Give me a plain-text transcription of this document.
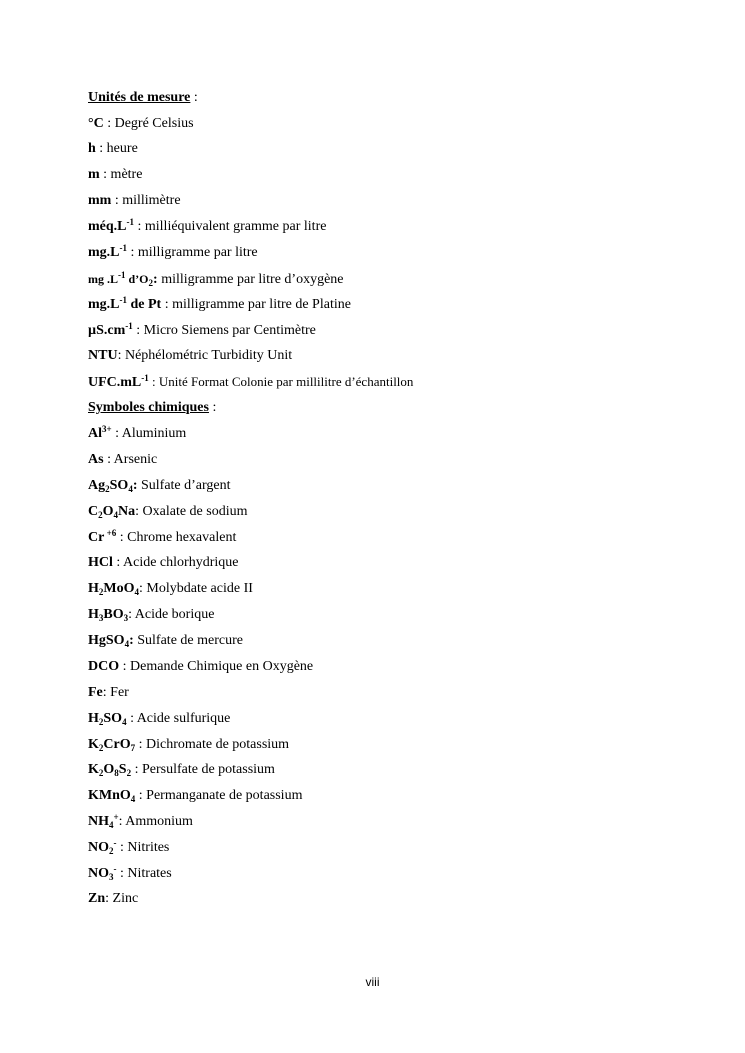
Unités de mesure :
°C : Degré Celsius
h : heure
m : mètre
mm : millimètre
$méq.L^{-1}$ : milliéquivalent gramme par litre
$mg.L^{-1}$ : milligramme par litre
mg $.L^{-1}$ $d’O_2$: milligramme par litre d’oxygène
$mg.L^{-1}$ de Pt : milligramme par litre de Platine
$\mu S.cm^{-1}$ : Micro Siemens par Centimètre
NTU: Néphélométric Turbidity Unit
$UFC.mL^{-1}$ : Unité Format Colonie par millilitre d’échantillon
Symboles chimiques :
$Al^{3+}$ : Aluminium
As : Arsenic
$Ag_2SO_4$: Sulfate d’argent
$C_2O_4Na$: Oxalate de sodium
Cr $^{+6}$ : Chrome hexavalent
HCl : Acide chlorhydrique
$H_2MoO_4$: Molybdate acide II
$H_3BO_3$: Acide borique
HgSO$_4$: Sulfate de mercure
DCO : Demande Chimique en Oxygène
Fe: Fer
$H_2SO_4$ : Acide sulfurique
$K_2CrO_7$ : Dichromate de potassium
$K_2O_8S_2$ : Persulfate de potassium
KMnO$_4$ : Permanganate de potassium
$NH_4^+$: Ammonium
$NO_2^-$ : Nitrites
$NO_3^-$ : Nitrates
Zn: Zinc
viii
